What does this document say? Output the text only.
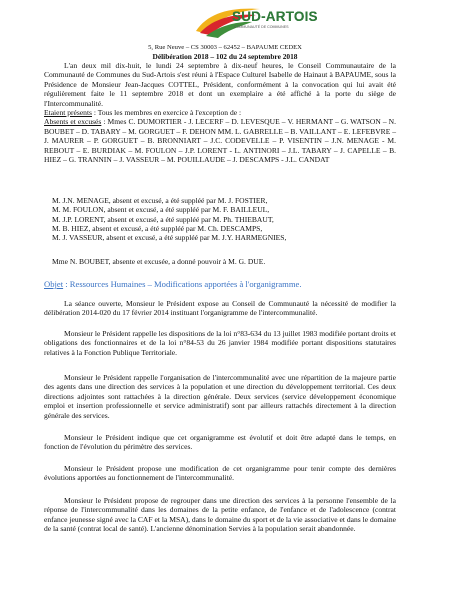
SUD-ARTOIS
COMMUNAUTÉ DE COMMUNES
5, Rue Neuve – CS 30003 – 62452 – BAPAUME CEDEX
Délibération 2018 – 102 du 24 septembre 2018

L'an deux mil dix-huit, le lundi 24 septembre à dix-neuf heures, le Conseil Communautaire de la Communauté de Communes du Sud-Artois s'est réuni à l'Espace Culturel Isabelle de Hainaut à BAPAUME, sous la Présidence de Monsieur Jean-Jacques COTTEL, Président, conformément à la convocation qui lui avait été régulièrement faite le 11 septembre 2018 et dont un exemplaire a été affiché à la porte du siège de l'Intercommunalité.

Etaient présents : Tous les membres en exercice à l'exception de :

Absents et excusés : Mmes C. DUMORTIER - J. LECERF – D. LEVESQUE – V. HERMANT – G. WATSON – N. BOUBET – D. TABARY – M. GORGUET – F. DEHON MM. L. GABRELLE – B. VAILLANT – E. LEFEBVRE – J. MAURER – P. GORGUET – B. BRONNIART – J.C. CODEVELLE – P. VISENTIN – J.N. MENAGE - M. REBOUT – E. BURDIAK – M. FOULON – J.P. LORENT - L. ANTINORI – J.L. TABARY – J. CAPELLE – B. HIEZ – G. TRANNIN – J. VASSEUR – M. POUILLAUDE – J. DESCAMPS - J.L. CANDAT

M. J.N. MENAGE, absent et excusé, a été suppléé par M. J. FOSTIER,
M. M. FOULON, absent et excusé, a été suppléé par M. F. BAILLEUL,
M. J.P. LORENT, absent et excusé, a été suppléé par M. Ph. THIEBAUT,
M. B. HIEZ, absent et excusé, a été suppléé par M. Ch. DESCAMPS,
M. J. VASSEUR, absent et excusé, a été suppléé par M. J.Y. HARMEGNIES,
Mme N. BOUBET, absente et excusée, a donné pouvoir à M. G. DUE.
Objet : Ressources Humaines – Modifications apportées à l'organigramme.

La séance ouverte, Monsieur le Président expose au Conseil de Communauté la nécessité de modifier la délibération 2014-020 du 17 février 2014 instituant l'organigramme de l'intercommunalité.

Monsieur le Président rappelle les dispositions de la loi n°83-634 du 13 juillet 1983 modifiée portant droits et obligations des fonctionnaires et de la loi n°84-53 du 26 janvier 1984 modifiée portant dispositions statutaires relatives à la Fonction Publique Territoriale.

Monsieur le Président rappelle l'organisation de l'intercommunalité avec une répartition de la majeure partie des agents dans une direction des services à la population et une direction du développement territorial. Ces deux directions adjointes sont rattachées à la direction générale. Deux services (service développement économique emploi et insertion professionnelle et service administratif) sont par ailleurs rattachés directement à la direction générale des services.

Monsieur le Président indique que cet organigramme est évolutif et doit être adapté dans le temps, en fonction de l'évolution du périmètre des services.

Monsieur le Président propose une modification de cet organigramme pour tenir compte des dernières évolutions apportées au fonctionnement de l'intercommunalité.

Monsieur le Président propose de regrouper dans une direction des services à la personne l'ensemble de la réponse de l'intercommunalité dans les domaines de la petite enfance, de l'enfance et de l'adolescence (contrat enfance jeunesse signé avec la CAF et la MSA), dans le domaine du sport et de la vie associative et dans le domaine de la santé (contrat local de santé). L'ancienne dénomination Servies à la population serait abandonnée.
